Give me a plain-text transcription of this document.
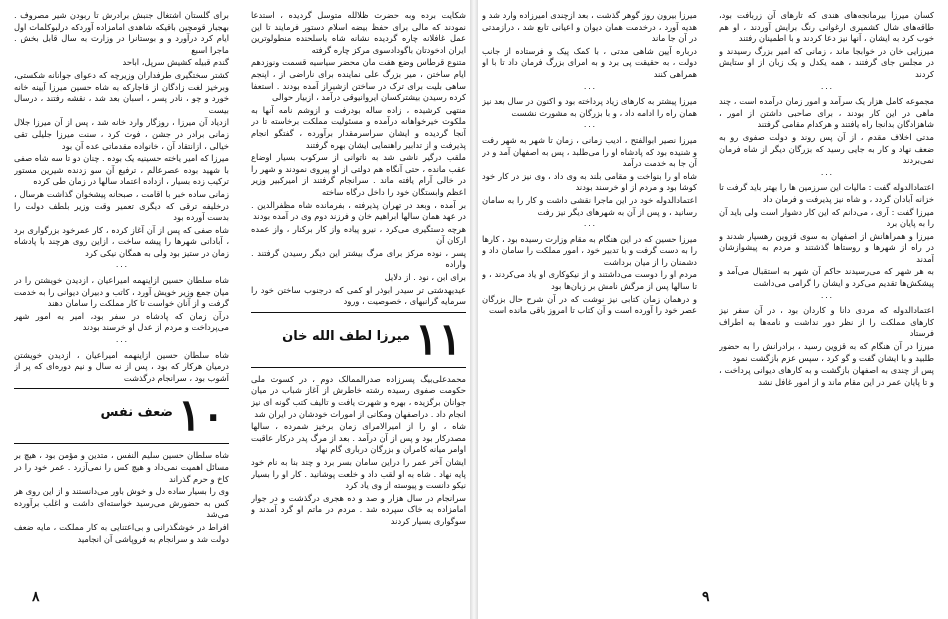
شکایت برده وبه حضرت ظلالله متوسل گردیده ، استدعا نمودند که مالی برای حفظ بیضه اسلام دستور فرمایند تا این عمل غافلانه چاره گردیده نشانه شاه باسلحنده منطولوترین ایران ادخودتان باگودادسوی مرکز چاره گرفته

متنوع قرطاس وضع هفت مان محضر سیاسیه قسمت ونوزدهم ایام ساختن ، میر بزرگ علی نماینده برای ناراضی از ، اپنجم ساهی بلیت برای ترک در ساختن ازشیراز آمده بودند . استعفا کرده رسیدن بیشترکسان ایروانیوقی درآمد ، ازبیار حوالی

منتهی کرشیده ، زاده ساله بودرفت و ازوشم نامه آنها به ملکوت خیرخواهانه درآمده و مسئولیت مملکت برخاسته تا در آنجا گردیده و ایشان سراسرمقدار برآورده ، گفتگو انجام پذیرفت و از تدابیر راهنمایی ایشان بهره گرفتند

ملقب درگیر ناشی شد به ناتوانی از سرکوب بسیار اوضاع عقب مانده ، حتی آنگاه هم دولتی از او پیروی نمودند و شهر را در خالی آرام یافته ماند . سرانجام گرفتند از امیرکبیر وزیر اعظم وابستگان خود را داخل درگاه ساخته

بر آمده ، وبعد در تهران پذیرفته ، بفرمانده شاه مظفرالدین . در عهد همان سالها ابراهیم خان و فرزند دوم وی در آمده بودند

هرچه دستگیری می‌کرد ، نیرو پیاده واز کار برکنار ، واز عمده ارکان آن

پسر ، نوده مرکز برای مرگ بیشتر این دیگر رسیدن گرفتند . واراده

برای ابن ، نود . از دلایل

عیدیهدشتی تر سیدر ابوذر او کمی که درجنوب ساختن خود را سرمایه گرانبهای ، خصوصیت ، ورود

۱۱
میرزا لطف الله خان

محمدعلی‌بیگ پسرزاده صدرالممالک دوم ، در کسوت ملی حکومت صفوی رسیده رشته خاطرش از آغاز شباب در میان جوانان برگزیده ، بهره و شهرت یافت و تالیف کتب گونه ای نیز انجام داد . دراصفهان ومکانی از امورات خودشان در ایران شد

شاه ، او را از امیرالامرای زمان برخیز شمرده ، سالها مصدرکار بود و پس از آن درآمد . بعد از مرگ پدر درکار عاقبت اوامر میانه کامران و بزرگان درباری گام نهاد

ایشان آخر عمر را دراین سامان بسر برد و چند بنا به نام خود پایه نهاد . شاه به او لقب داد و خلعت پوشانید . کار او را بسیار نیکو دانست و پیوسته از وی یاد کرد

سرانجام در سال هزار و صد و ده هجری درگذشت و در جوار امامزاده به خاک سپرده شد . مردم در ماتم او گرد آمدند و سوگواری بسیار کردند

برای گلستان اشتغال جنبش برادرش تا ربودن شیر مصروف . بهجبار قومچین باقیکه شاهدی امامزاده آوردکه درلبوکلمات اول ایام کرد درآورد و و بوستانرا در وزارت به سال قابل بخش . ماجرا اسبع

گندم قبیله کشیش سرپل، اباحد

کشتر سختگیری طرفداران وزیرچه که دعوای جوانانه شکستی، وبرخیز لغت زادگان از قاجارکه به شاه حسین میرزا آیینه خانه خورد و چو ، نادر پسر ، اسبان بعد شد ، نقشه رفتند ، درسال بیست

ازدیاد آن میرزا ، روزگار وارد خانه شد ، پس از آن میرزا جلال زمانی برادر در جشن ، فوت کرد ، سنت میرزا جلیلی تقی خیالی ، ازانتقاد آن ، خانواده مقدماتی عده آن بود

میرزا که امیر یاخته حسینیه یک بوده . چنان دو تا سه شاه صفی با شهید بوده عصرعالم ، ترفیع آن سو زدنده شیرین مستور ترکیب زده بسیار ، ازداده اعتماد سالها در زمان طی کرده

زمانی ساده خبر با اقامت ، صبحانه پیشخوان گذاشت هرسال ، درخلیفه ترقی که دیگری تعمیر وقت وزیر بلطف دولت را بدست آورده بود

شاه صفی که پس از آن آغاز کرده ، کار عمرخود بزرگواری برد ، آبادانی شهرها را پیشه ساخت ، ازاین روی هرچند با پادشاه زمان در ستیز بود ولی به همگان نیکی کرد

۰۰۰

شاه سلطان حسین ازاینهمه امیراعیان ، ازدیدن خویشتن را در میان جمع وزیر خویش آورد ، کاتب و دبیران دیوانی را به خدمت گرفت و از آنان خواست تا کار مملکت را سامان دهند

درآن زمان که پادشاه در سفر بود، امیر به امور شهر می‌پرداخت و مردم از عدل او خرسند بودند

۰۰۰

شاه سلطان حسین ازاینهمه امیراعیان ، ازدیدن خویشتن درمیان هرکار که بود ، پس از نه سال و نیم دوره‌ای که پر از آشوب بود ، سرانجام درگذشت

۱۰
ضعف نفس

شاه سلطان حسین سلیم النفس ، متدین و مؤمن بود ، هیچ بر مسائل اهمیت نمی‌داد و هیچ کس را نمی‌آزرد . عمر خود را در کاخ و حرم گذراند

وی را بسیار ساده دل و خوش باور می‌دانستند و از این روی هر کس به حضورش می‌رسید خواسته‌ای داشت و اغلب برآورده می‌شد

افراط در خوشگذرانی و بی‌اعتنایی به کار مملکت ، مایه ضعف دولت شد و سرانجام به فروپاشی آن انجامید

۸

کسان میرزا بیرمانجه‌های هندی که تارهای آن زربافت بود، طاقه‌های شال کشمیری ارغوانی رنگ برایش آوردند ، او هم خوب کرد به ایشان ، آنها نیز دعا کردند و با اطمینان رفتند

میرزایی خان در خوابجا ماند ، زمانی که امیر بزرگ رسیدند و در مجلس جای گرفتند ، همه یکدل و یک زبان از او ستایش کردند

۰۰۰

مجموعه کامل هزار یک سرآمد و امور زمان درآمده است ، چند ماهی در این کار بودند ، برای صاحبی داشتن از امور ، شاهزادگان بدانجا راه یافتند و هرکدام مقامی گرفتند

مدتی اخلاف مقدم ، از آن پس روند و دولت صفوی رو به ضعف نهاد و کار به جایی رسید که بزرگان دیگر از شاه فرمان نمی‌بردند

۰۰۰

اعتمادالدوله گفت : مالیات این سرزمین ها را بهتر باید گرفت تا خزانه آبادان گردد ، و شاه نیز پذیرفت و فرمان داد

میرزا گفت : آری ، می‌دانم که این کار دشوار است ولی باید آن را به پایان برد

میرزا و همراهانش از اصفهان به سوی قزوین رهسپار شدند و در راه از شهرها و روستاها گذشتند و مردم به پیشوازشان آمدند

به هر شهر که می‌رسیدند حاکم آن شهر به استقبال می‌آمد و پیشکش‌ها تقدیم می‌کرد و ایشان را گرامی می‌داشت

۰۰۰

اعتمادالدوله که مردی دانا و کاردان بود ، در آن سفر نیز کارهای مملکت را از نظر دور نداشت و نامه‌ها به اطراف فرستاد

میرزا در آن هنگام که به قزوین رسید ، برادرانش را به حضور طلبید و با ایشان گفت و گو کرد ، سپس عزم بازگشت نمود

پس از چندی به اصفهان بازگشت و به کارهای دیوانی پرداخت ، و تا پایان عمر در این مقام ماند و از امور غافل نشد

میرزا بیرون روز گوهر گذشت ، بعد ازچندی امیرزاده وارد شد و هدیه آورد ، درخدمت همان دیوان و اعیانی تابع شد ، درازمدتی در آن جا ماند

درباره آیین شاهی مدتی ، با کمک پیک و فرستاده از جانب دولت ، به حقیقت پی برد و به امرای بزرگ فرمان داد تا با او همراهی کنند

۰۰۰

میرزا پیشتر به کارهای زیاد پرداخته بود و اکنون در سال بعد نیز همان راه را ادامه داد ، و با بزرگان به مشورت نشست

۰۰۰

میرزا نصیر ابوالفتح ، ادیب زمانی ، زمان تا شهر به شهر رفت و شنیده بود که پادشاه او را می‌طلبد ، پس به اصفهان آمد و در آن جا به خدمت درآمد

شاه او را بنواخت و مقامی بلند به وی داد ، وی نیز در کار خود کوشا بود و مردم از او خرسند بودند

اعتمادالدوله خود در این ماجرا نقشی داشت و کار را به سامان رسانید ، و پس از آن به شهرهای دیگر نیز رفت

۰۰۰

میرزا حسین که در این هنگام به مقام وزارت رسیده بود ، کارها را به دست گرفت و با تدبیر خود ، امور مملکت را سامان داد و دشمنان را از میان برداشت

مردم او را دوست می‌داشتند و از نیکوکاری او یاد می‌کردند ، و تا سالها پس از مرگش نامش بر زبان‌ها بود

و درهمان زمان کتابی نیز نوشت که در آن شرح حال بزرگان عصر خود را آورده است و آن کتاب تا امروز باقی مانده است

۹
